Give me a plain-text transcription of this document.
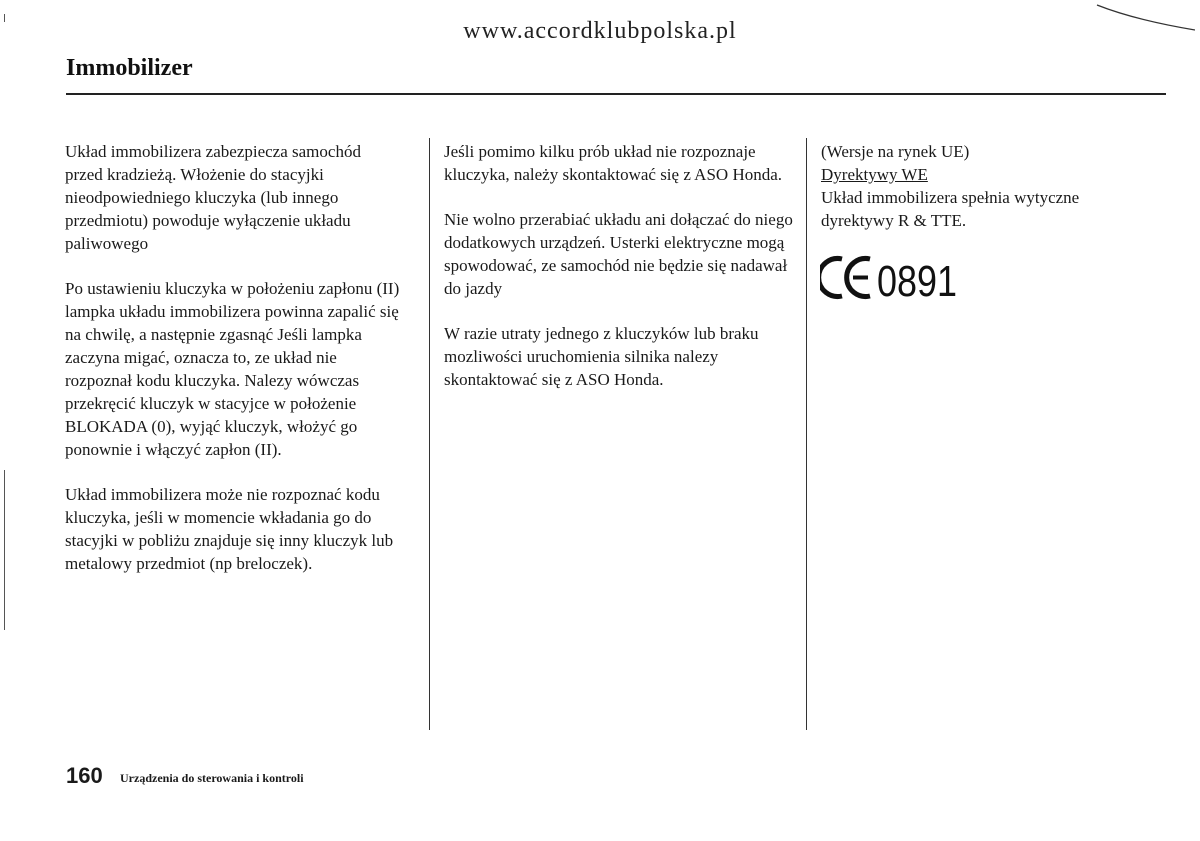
www.accordklubpolska.pl
Immobilizer

Układ immobilizera zabezpiecza samochód przed kradzieżą. Włożenie do stacyjki nieodpowiedniego kluczyka (lub innego przedmiotu) powoduje wyłączenie układu paliwowego

Po ustawieniu kluczyka w położeniu zapłonu (II) lampka układu immobilizera powinna zapalić się na chwilę, a następnie zgasnąć Jeśli lampka zaczyna migać, oznacza to, ze układ nie rozpoznał kodu kluczyka. Nalezy wówczas przekręcić kluczyk w stacyjce w położenie BLOKADA (0), wyjąć kluczyk, włożyć go ponownie i włączyć zapłon (II).

Układ immobilizera może nie rozpoznać kodu kluczyka, jeśli w momencie wkładania go do stacyjki w pobliżu znajduje się inny kluczyk lub metalowy przedmiot (np breloczek).

Jeśli pomimo kilku prób układ nie rozpoznaje kluczyka, należy skontaktować się z ASO Honda.

Nie wolno przerabiać układu ani dołączać do niego dodatkowych urządzeń. Usterki elektryczne mogą spowodować, ze samochód nie będzie się nadawał do jazdy

W razie utraty jednego z kluczyków lub braku mozliwości uruchomienia silnika nalezy skontaktować się z ASO Honda.

(Wersje na rynek UE)
Dyrektywy WE
Układ immobilizera spełnia wytyczne dyrektywy R & TTE.
0891
160 Urządzenia do sterowania i kontroli
